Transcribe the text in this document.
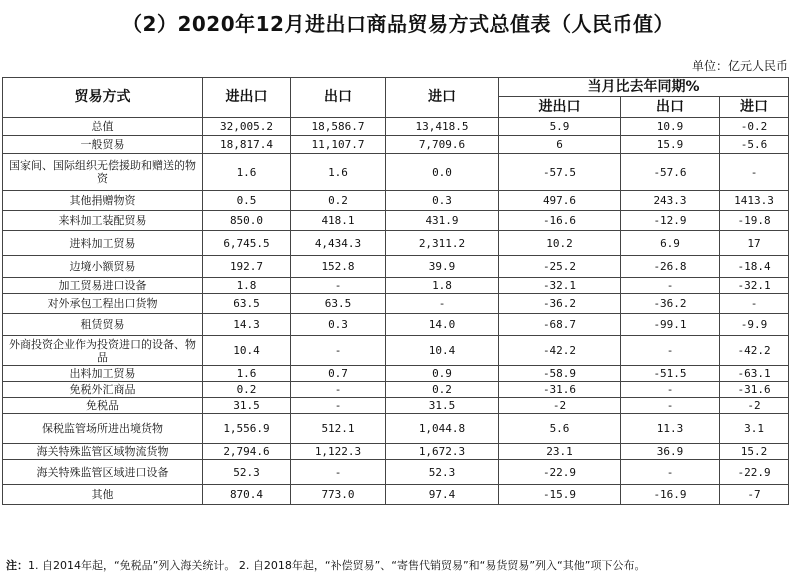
（2）2020年12月进出口商品贸易方式总值表（人民币值）
单位：亿元人民币
贸易方式	进出口	出口	进口	当月比去年同期%		
				进出口	出口	进口
总值	32,005.2	18,586.7	13,418.5	5.9	10.9	-0.2
一般贸易	18,817.4	11,107.7	7,709.6	6	15.9	-5.6
国家间、国际组织无偿援助和赠送的物资	1.6	1.6	0.0	-57.5	-57.6	-
其他捐赠物资	0.5	0.2	0.3	497.6	243.3	1413.3
来料加工装配贸易	850.0	418.1	431.9	-16.6	-12.9	-19.8
进料加工贸易	6,745.5	4,434.3	2,311.2	10.2	6.9	17
边境小额贸易	192.7	152.8	39.9	-25.2	-26.8	-18.4
加工贸易进口设备	1.8	-	1.8	-32.1	-	-32.1
对外承包工程出口货物	63.5	63.5	-	-36.2	-36.2	-
租赁贸易	14.3	0.3	14.0	-68.7	-99.1	-9.9
外商投资企业作为投资进口的设备、物品	10.4	-	10.4	-42.2	-	-42.2
出料加工贸易	1.6	0.7	0.9	-58.9	-51.5	-63.1
免税外汇商品	0.2	-	0.2	-31.6	-	-31.6
免税品	31.5	-	31.5	-2	-	-2
保税监管场所进出境货物	1,556.9	512.1	1,044.8	5.6	11.3	3.1
海关特殊监管区域物流货物	2,794.6	1,122.3	1,672.3	23.1	36.9	15.2
海关特殊监管区域进口设备	52.3	-	52.3	-22.9	-	-22.9
其他	870.4	773.0	97.4	-15.9	-16.9	-7
注：1. 自2014年起，“免税品”列入海关统计。 2. 自2018年起，“补偿贸易”、“寄售代销贸易”和“易货贸易”列入“其他”项下公布。
